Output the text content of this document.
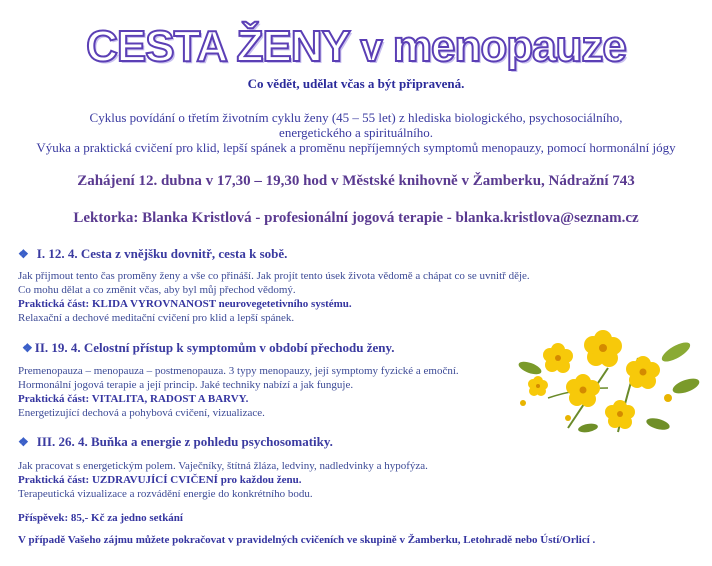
CESTA ŽENY v menopauze
Co vědět, udělat včas a být připravená.
Cyklus povídání o třetím životním cyklu ženy (45 – 55 let) z hlediska biologického, psychosociálního,
energetického a spirituálního.
Výuka a praktická cvičení pro klid, lepší spánek a proměnu nepříjemných symptomů menopauzy, pomocí hormonální jógy
Zahájení 12. dubna v 17,30 – 19,30 hod v Městské knihovně v Žamberku, Nádražní 743
Lektorka: Blanka Kristlová - profesionální jogová terapie - blanka.kristlova@seznam.cz
❖ I. 12. 4. Cesta z vnějšku dovnitř, cesta k sobě.
Jak přijmout tento čas proměny ženy a vše co přináší. Jak projít tento úsek života vědomě a chápat co se uvnitř děje.
Co mohu dělat a co změnit včas, aby byl můj přechod vědomý.
Praktická část: KLIDA VYROVNANOST neurovegetetivního systému.
Relaxační a dechové meditační cvičení pro klid a lepší spánek.
❖ II. 19. 4. Celostní přístup k symptomům v období přechodu ženy.
Premenopauza – menopauza – postmenopauza. 3 typy menopauzy, její symptomy fyzické a emoční.
Hormonální jogová terapie a její princip. Jaké techniky nabízí a jak funguje.
Praktická část: VITALITA, RADOST A BARVY.
Energetizující dechová a pohybová cvičení, vizualizace.
❖ III. 26. 4. Buňka a energie z pohledu psychosomatiky.
Jak pracovat s energetickým polem. Vaječníky, štítná žláza, ledviny, nadledvinky a hypofýza.
Praktická část: UZDRAVUJÍCÍ CVIČENÍ pro každou ženu.
Terapeutická vizualizace a rozvádění energie do konkrétního bodu.
Příspěvek: 85,- Kč za jedno setkání
V případě Vašeho zájmu můžete pokračovat v pravidelných cvičeních ve skupině v Žamberku, Letohradě nebo Ústí/Orlicí .
